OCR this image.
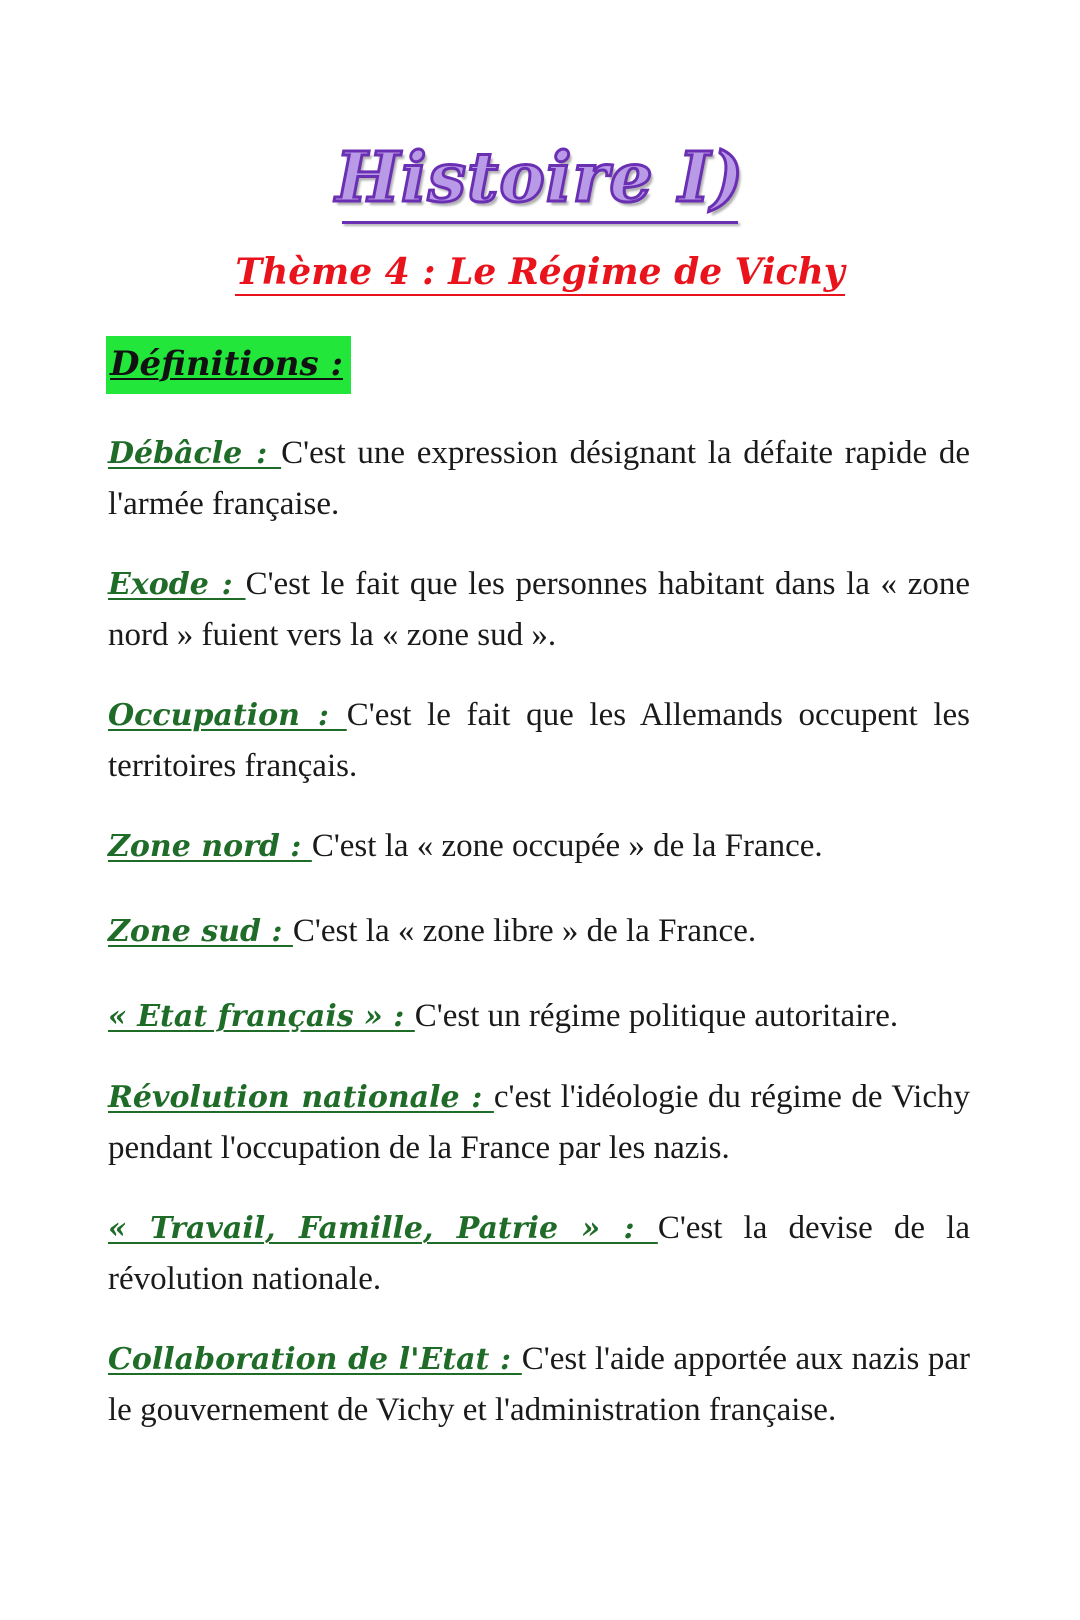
Histoire I)
Thème 4 : Le Régime de Vichy
Définitions :

Débâcle : C'est une expression désignant la défaite rapide de l'armée française.

Exode : C'est le fait que les personnes habitant dans la « zone nord » fuient vers la « zone sud ».

Occupation : C'est le fait que les Allemands occupent les territoires français.

Zone nord : C'est la « zone occupée » de la France.

Zone sud : C'est la « zone libre » de la France.

« Etat français » : C'est un régime politique autoritaire.

Révolution nationale : c'est l'idéologie du régime de Vichy pendant l'occupation de la France par les nazis.

« Travail, Famille, Patrie » : C'est la devise de la révolution nationale.

Collaboration de l'Etat : C'est l'aide apportée aux nazis par le gouvernement de Vichy et l'administration française.
